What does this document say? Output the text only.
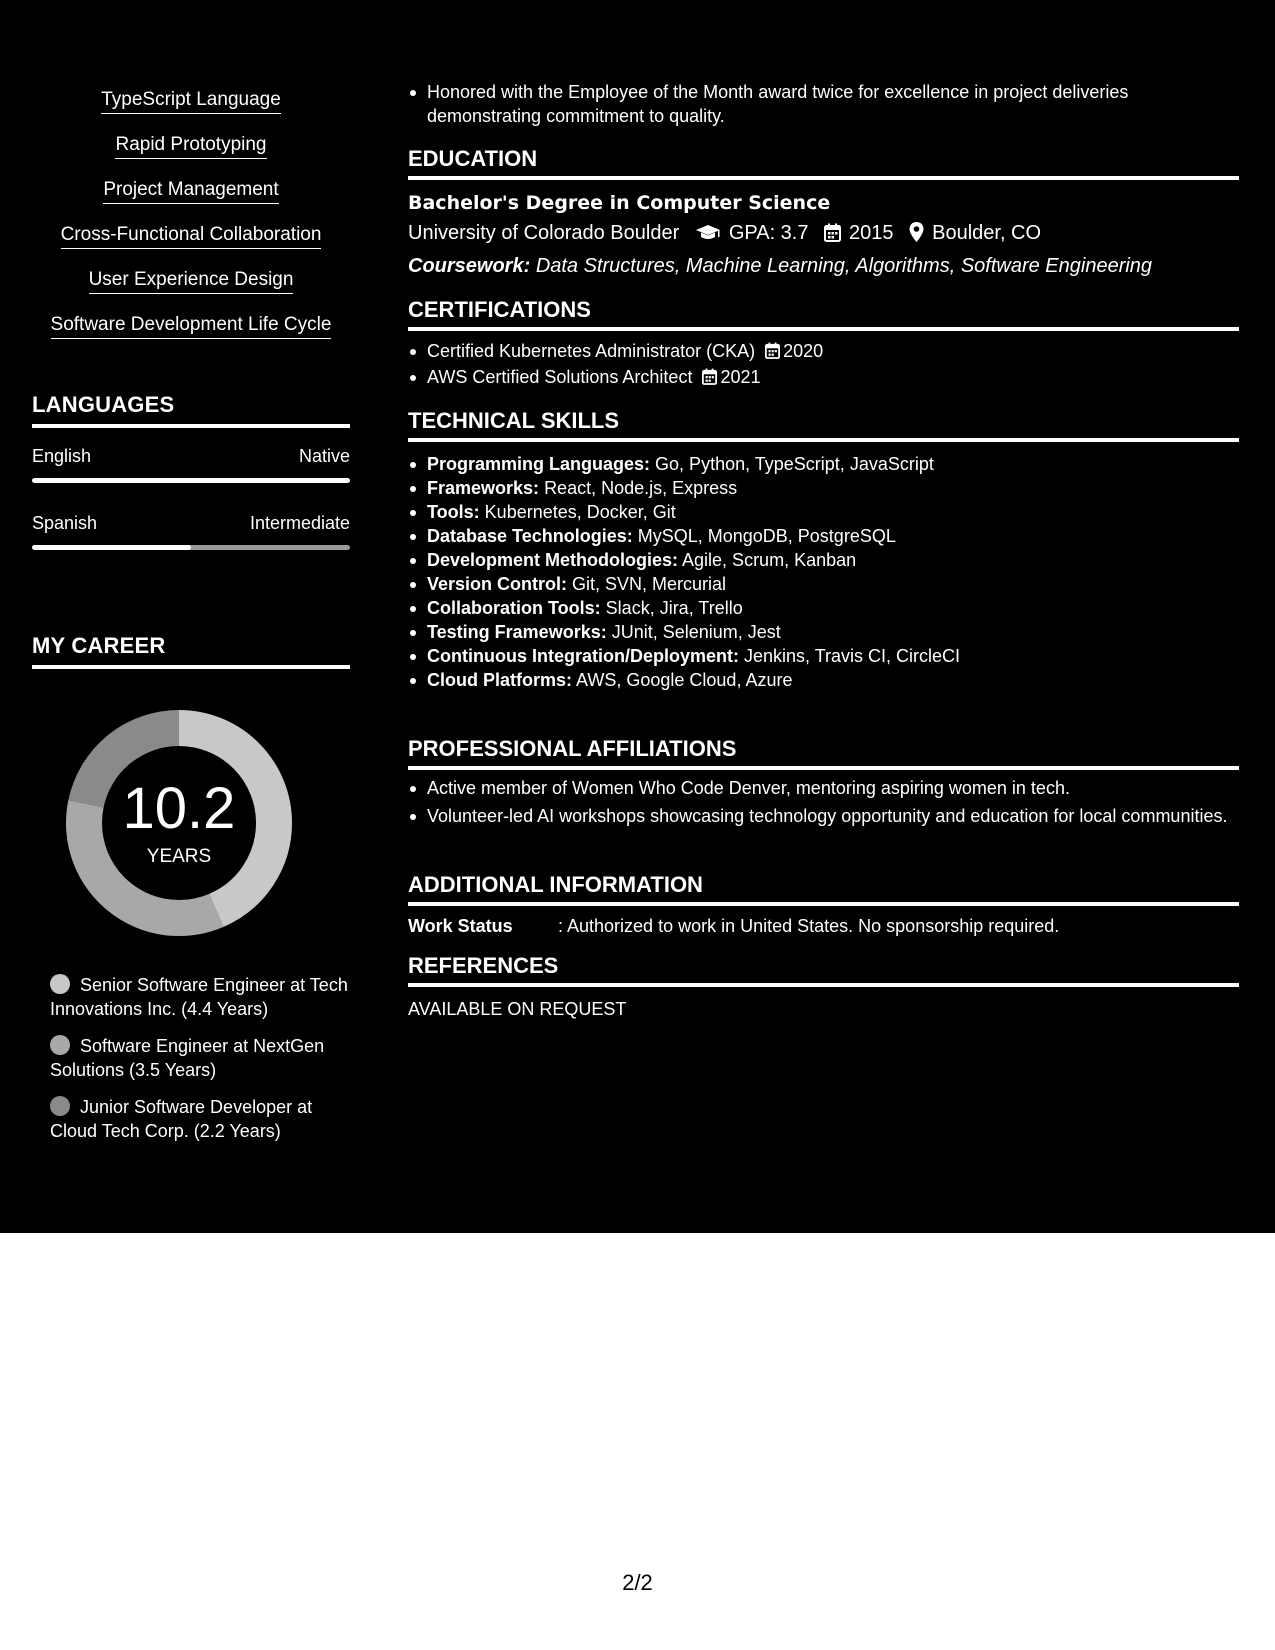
TypeScript Language
Rapid Prototyping
Project Management
Cross-Functional Collaboration
User Experience Design
Software Development Life Cycle
LANGUAGES
English	Native
Spanish	Intermediate
MY CAREER
10.2
YEARS
Senior Software Engineer at Tech Innovations Inc. (4.4 Years)
Software Engineer at NextGen Solutions (3.5 Years)
Junior Software Developer at Cloud Tech Corp. (2.2 Years)
Honored with the Employee of the Month award twice for excellence in project deliveries demonstrating commitment to quality.
EDUCATION
Bachelor's Degree in Computer Science
University of Colorado Boulder GPA: 3.7 2015 Boulder, CO
Coursework: Data Structures, Machine Learning, Algorithms, Software Engineering
CERTIFICATIONS
Certified Kubernetes Administrator (CKA) 2020
AWS Certified Solutions Architect 2021
TECHNICAL SKILLS
Programming Languages: Go, Python, TypeScript, JavaScript
Frameworks: React, Node.js, Express
Tools: Kubernetes, Docker, Git
Database Technologies: MySQL, MongoDB, PostgreSQL
Development Methodologies: Agile, Scrum, Kanban
Version Control: Git, SVN, Mercurial
Collaboration Tools: Slack, Jira, Trello
Testing Frameworks: JUnit, Selenium, Jest
Continuous Integration/Deployment: Jenkins, Travis CI, CircleCI
Cloud Platforms: AWS, Google Cloud, Azure
PROFESSIONAL AFFILIATIONS
Active member of Women Who Code Denver, mentoring aspiring women in tech.
Volunteer-led AI workshops showcasing technology opportunity and education for local communities.
ADDITIONAL INFORMATION
Work Status	: Authorized to work in United States. No sponsorship required.
REFERENCES
AVAILABLE ON REQUEST
2/2
